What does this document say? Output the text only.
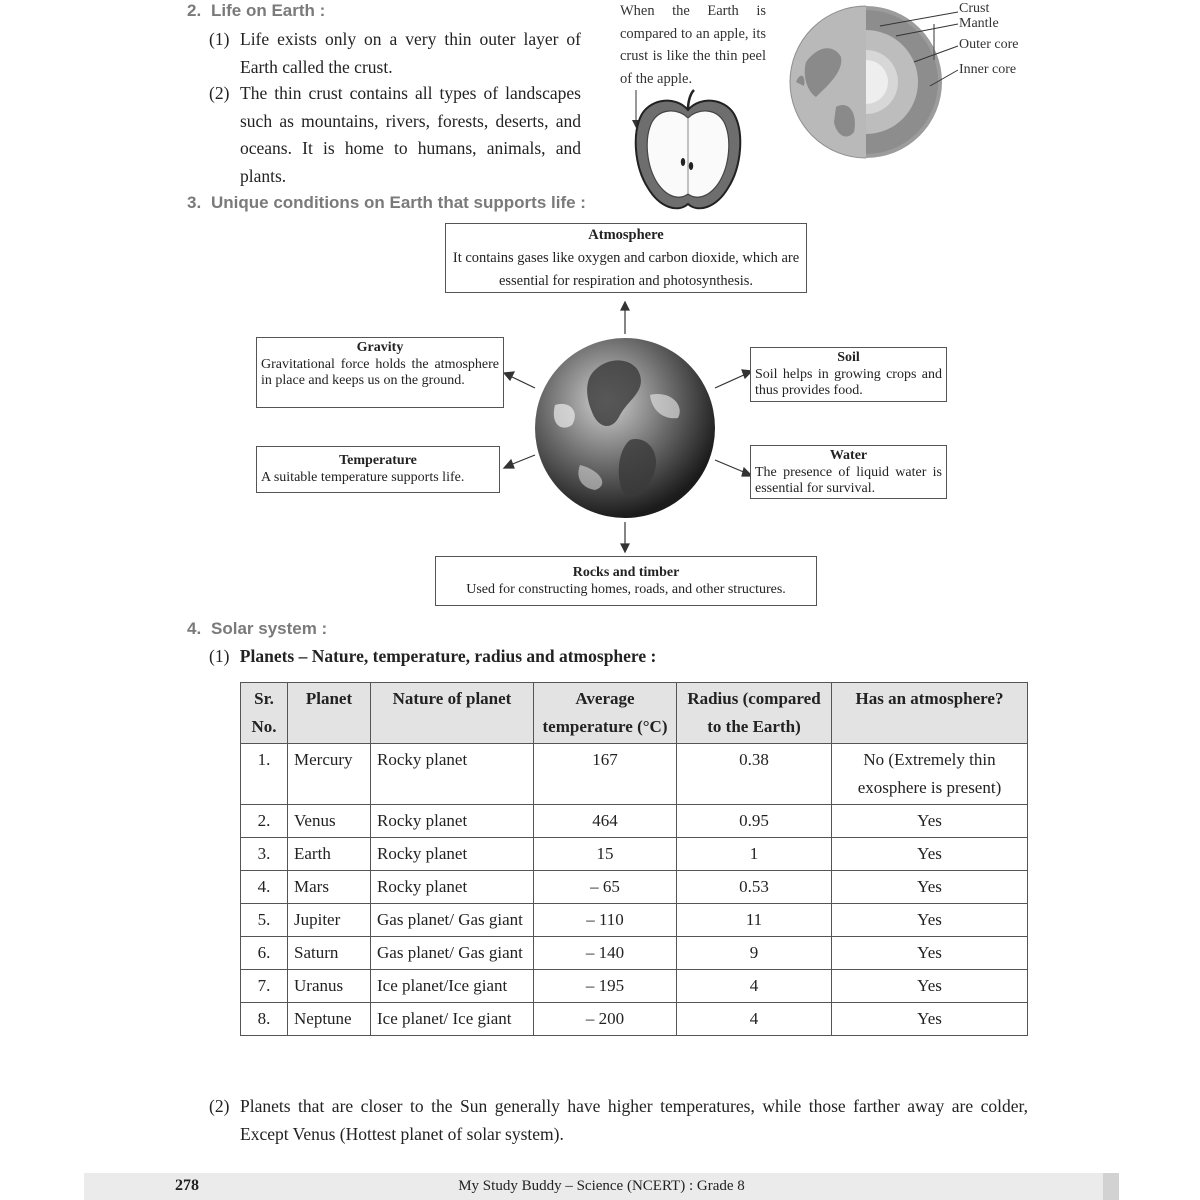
2. Life on Earth :
(1) Life exists only on a very thin outer layer of Earth called the crust.
(2) The thin crust contains all types of landscapes such as mountains, rivers, forests, deserts, and oceans. It is home to humans, animals, and plants.
When the Earth is compared to an apple, its crust is like the thin peel of the apple.
Crust
Mantle
Outer core
Inner core
3. Unique conditions on Earth that supports life :
Atmosphere
It contains gases like oxygen and carbon dioxide, which are essential for respiration and photosynthesis.
Gravity
Gravitational force holds the atmosphere in place and keeps us on the ground.
Soil
Soil helps in growing crops and thus provides food.
Temperature
A suitable temperature supports life.
Water
The presence of liquid water is essential for survival.
Rocks and timber
Used for constructing homes, roads, and other structures.
4. Solar system :
(1) Planets – Nature, temperature, radius and atmosphere :
Sr. No.	Planet	Nature of planet	Average temperature (°C)	Radius (compared to the Earth)	Has an atmosphere?
1.	Mercury	Rocky planet	167	0.38	No (Extremely thin exosphere is present)
2.	Venus	Rocky planet	464	0.95	Yes
3.	Earth	Rocky planet	15	1	Yes
4.	Mars	Rocky planet	– 65	0.53	Yes
5.	Jupiter	Gas planet/ Gas giant	– 110	11	Yes
6.	Saturn	Gas planet/ Gas giant	– 140	9	Yes
7.	Uranus	Ice planet/Ice giant	– 195	4	Yes
8.	Neptune	Ice planet/ Ice giant	– 200	4	Yes
(2) Planets that are closer to the Sun generally have higher temperatures, while those farther away are colder, Except Venus (Hottest planet of solar system).
278	My Study Buddy – Science (NCERT) : Grade 8
